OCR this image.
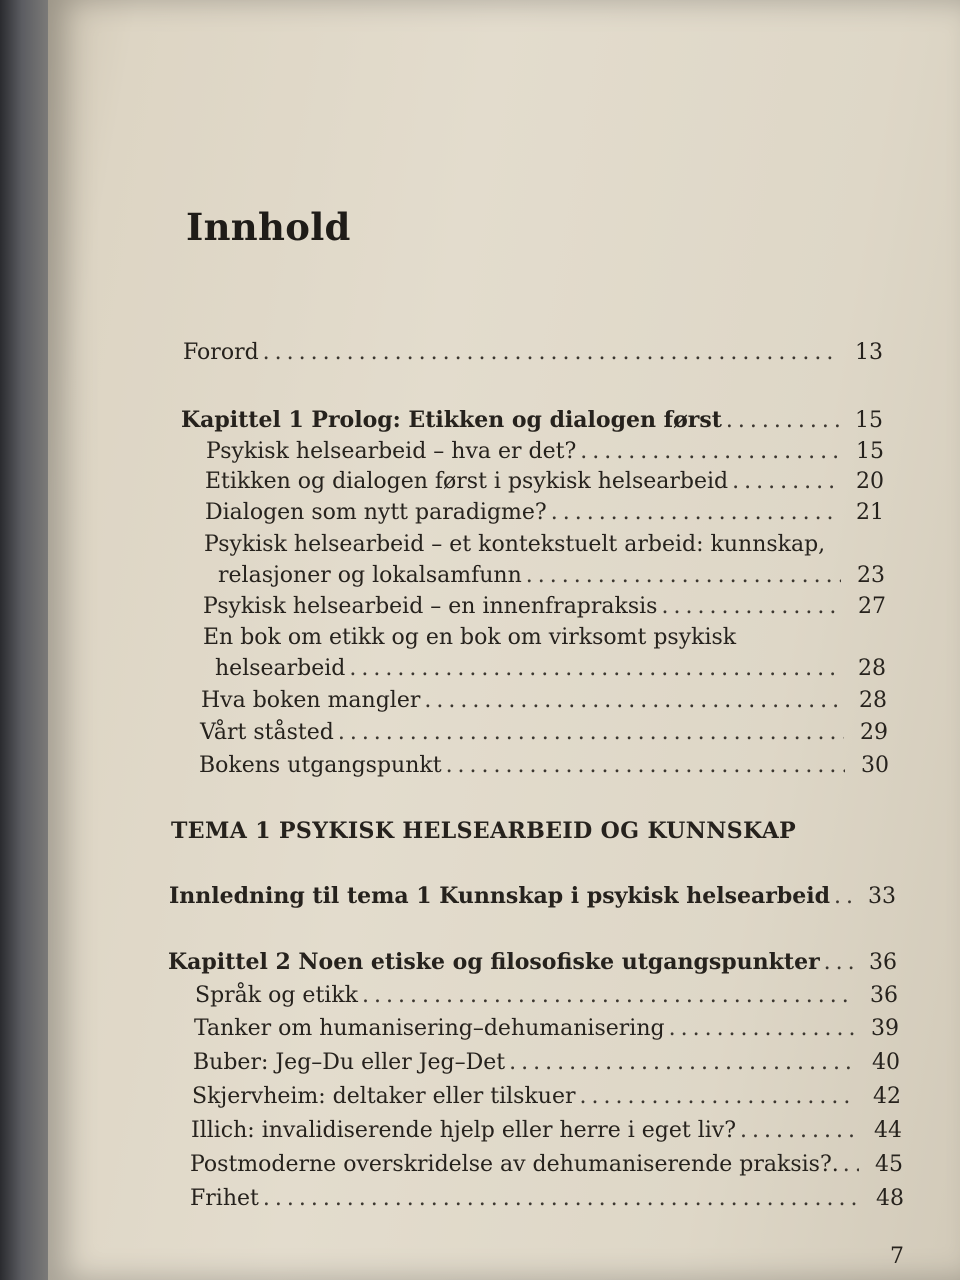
Innhold
Forord .....	13
Kapittel 1 Prolog: Etikken og dialogen først .....	15
Psykisk helsearbeid – hva er det? .....	15
Etikken og dialogen først i psykisk helsearbeid .....	20
Dialogen som nytt paradigme? .....	21
Psykisk helsearbeid – et kontekstuelt arbeid: kunnskap,
relasjoner og lokalsamfunn .....	23
Psykisk helsearbeid – en innenfrapraksis .....	27
En bok om etikk og en bok om virksomt psykisk
helsearbeid .....	28
Hva boken mangler .....	28
Vårt ståsted .....	29
Bokens utgangspunkt .....	30
TEMA 1 PSYKISK HELSEARBEID OG KUNNSKAP
Innledning til tema 1 Kunnskap i psykisk helsearbeid .....	33
Kapittel 2 Noen etiske og filosofiske utgangspunkter .....	36
Språk og etikk .....	36
Tanker om humanisering–dehumanisering .....	39
Buber: Jeg–Du eller Jeg–Det .....	40
Skjervheim: deltaker eller tilskuer .....	42
Illich: invalidiserende hjelp eller herre i eget liv? .....	44
Postmoderne overskridelse av dehumaniserende praksis?. .....	45
Frihet .....	48
7
